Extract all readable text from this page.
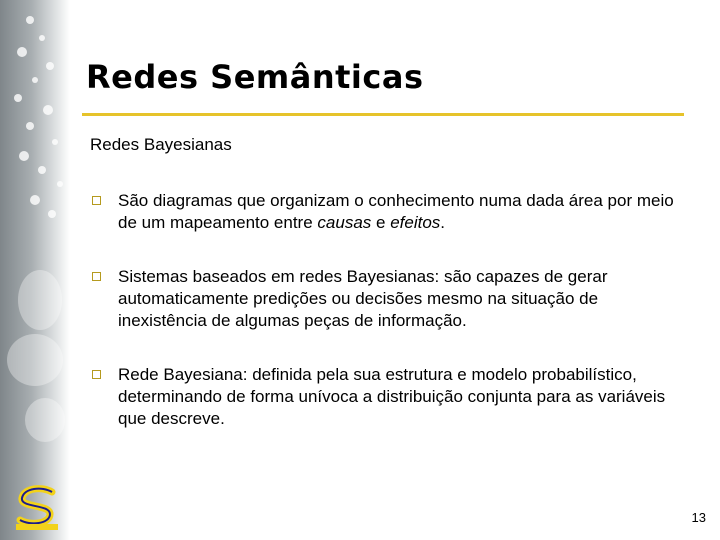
Redes Semânticas
Redes Bayesianas
São diagramas que organizam o conhecimento numa dada área por meio de um mapeamento entre causas e efeitos.
Sistemas baseados em redes Bayesianas: são capazes de gerar automaticamente predições ou decisões mesmo na situação de inexistência de algumas peças de informação.
Rede Bayesiana: definida pela sua estrutura e modelo probabilístico, determinando de forma unívoca a distribuição conjunta para as variáveis que descreve.
13
